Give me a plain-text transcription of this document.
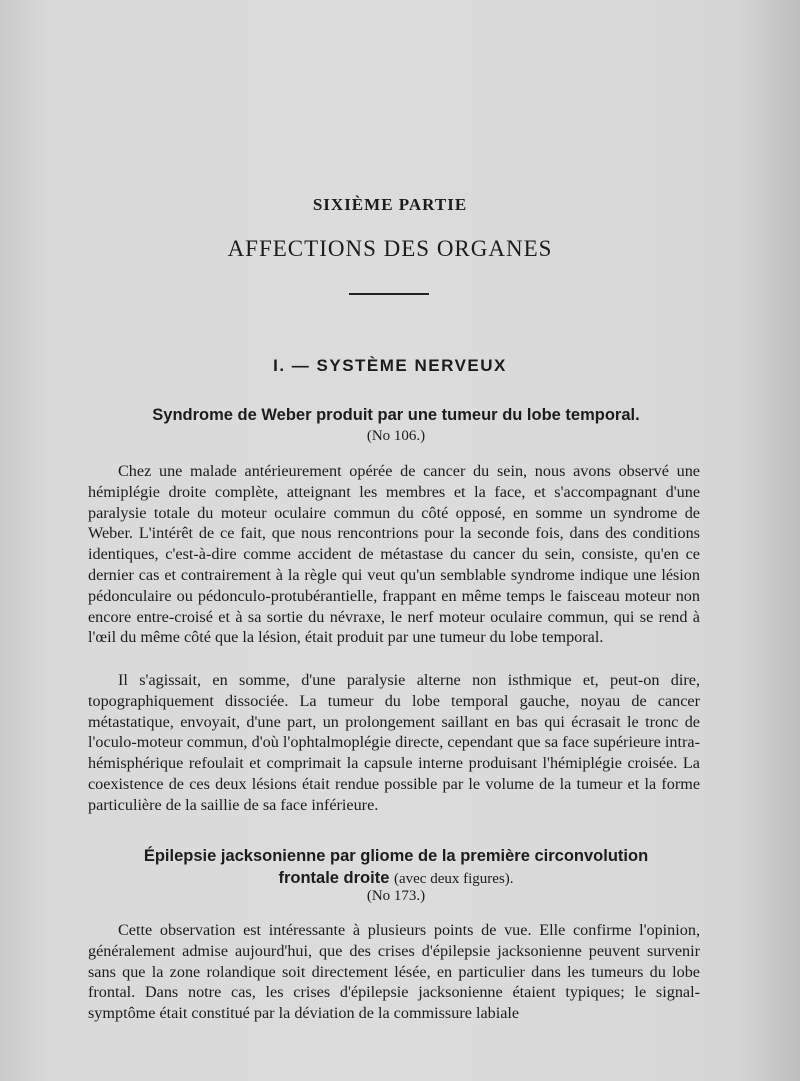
SIXIÈME PARTIE
AFFECTIONS DES ORGANES
I. — SYSTÈME NERVEUX
Syndrome de Weber produit par une tumeur du lobe temporal.
(No 106.)

Chez une malade antérieurement opérée de cancer du sein, nous avons observé une hémiplégie droite complète, atteignant les membres et la face, et s'accompagnant d'une paralysie totale du moteur oculaire commun du côté opposé, en somme un syndrome de Weber. L'intérêt de ce fait, que nous rencontrions pour la seconde fois, dans des conditions identiques, c'est-à-dire comme accident de métastase du cancer du sein, consiste, qu'en ce dernier cas et contrairement à la règle qui veut qu'un semblable syndrome indique une lésion pédonculaire ou pédonculo-protubérantielle, frappant en même temps le faisceau moteur non encore entre-croisé et à sa sortie du névraxe, le nerf moteur oculaire commun, qui se rend à l'œil du même côté que la lésion, était produit par une tumeur du lobe temporal.

Il s'agissait, en somme, d'une paralysie alterne non isthmique et, peut-on dire, topographiquement dissociée. La tumeur du lobe temporal gauche, noyau de cancer métastatique, envoyait, d'une part, un prolongement saillant en bas qui écrasait le tronc de l'oculo-moteur commun, d'où l'ophtalmoplégie directe, cependant que sa face supérieure intra-hémisphérique refoulait et comprimait la capsule interne produisant l'hémiplégie croisée. La coexistence de ces deux lésions était rendue possible par le volume de la tumeur et la forme particulière de la saillie de sa face inférieure.

Épilepsie jacksonienne par gliome de la première circonvolution
frontale droite (avec deux figures).
(No 173.)

Cette observation est intéressante à plusieurs points de vue. Elle confirme l'opinion, généralement admise aujourd'hui, que des crises d'épilepsie jacksonienne peuvent survenir sans que la zone rolandique soit directement lésée, en particulier dans les tumeurs du lobe frontal. Dans notre cas, les crises d'épilepsie jacksonienne étaient typiques; le signal-symptôme était constitué par la déviation de la commissure labiale
